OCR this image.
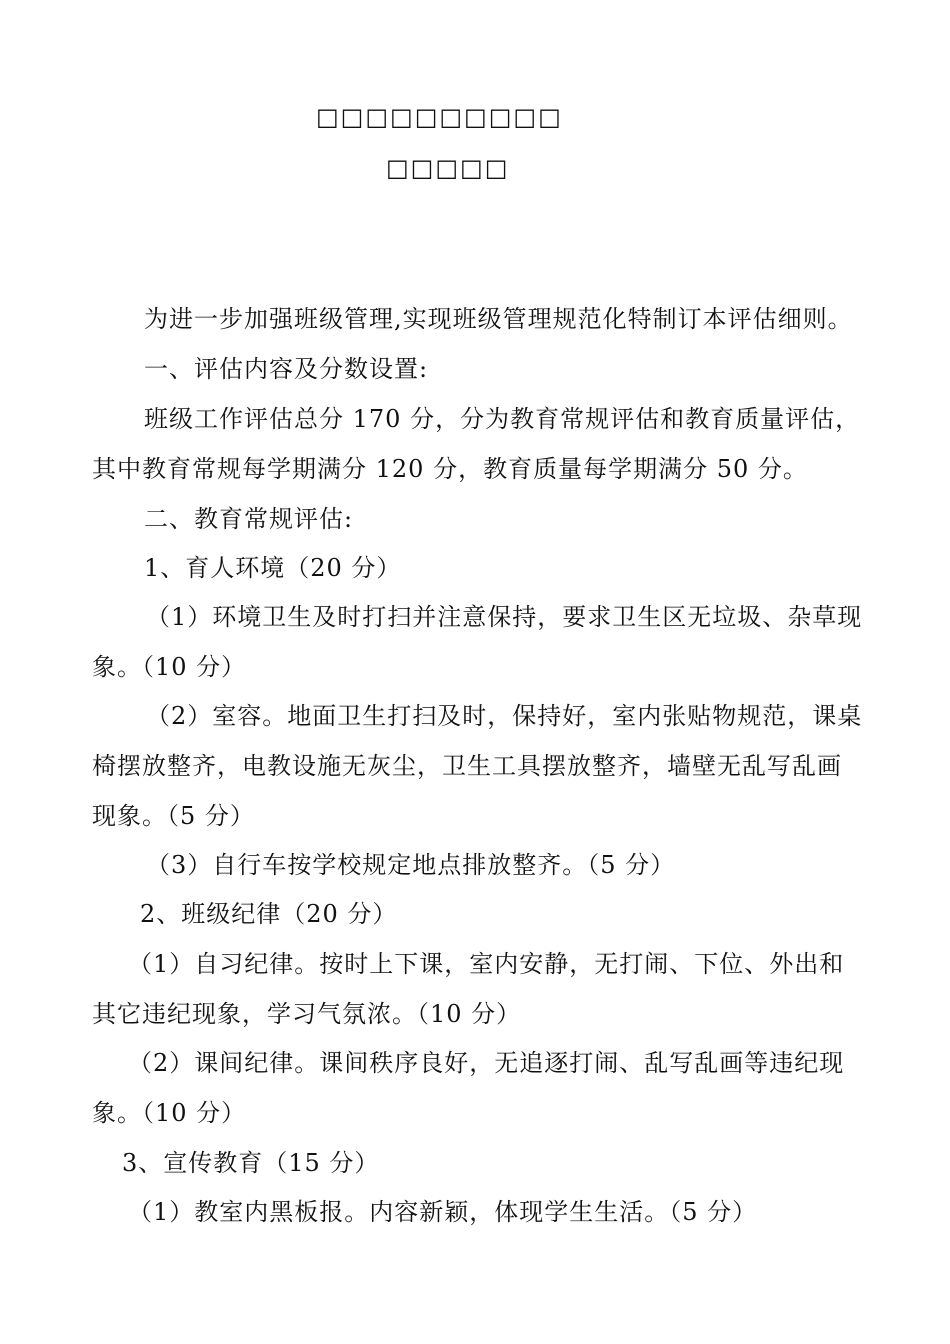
□□□□□□□□□□
□□□□□
为进一步加强班级管理,实现班级管理规范化特制订本评估细则。
一、评估内容及分数设置:
班级工作评估总分 170 分，分为教育常规评估和教育质量评估，
其中教育常规每学期满分 120 分，教育质量每学期满分 50 分。
二、教育常规评估:
1、育人环境（20 分）
（1）环境卫生及时打扫并注意保持，要求卫生区无垃圾、杂草现
象。（10 分）
（2）室容。地面卫生打扫及时，保持好，室内张贴物规范，课桌
椅摆放整齐，电教设施无灰尘，卫生工具摆放整齐，墙壁无乱写乱画
现象。（5 分）
（3）自行车按学校规定地点排放整齐。（5 分）
2、班级纪律（20 分）
（1）自习纪律。按时上下课，室内安静，无打闹、下位、外出和
其它违纪现象，学习气氛浓。（10 分）
（2）课间纪律。课间秩序良好，无追逐打闹、乱写乱画等违纪现
象。（10 分）
3、宣传教育（15 分）
（1）教室内黑板报。内容新颖，体现学生生活。（5 分）
